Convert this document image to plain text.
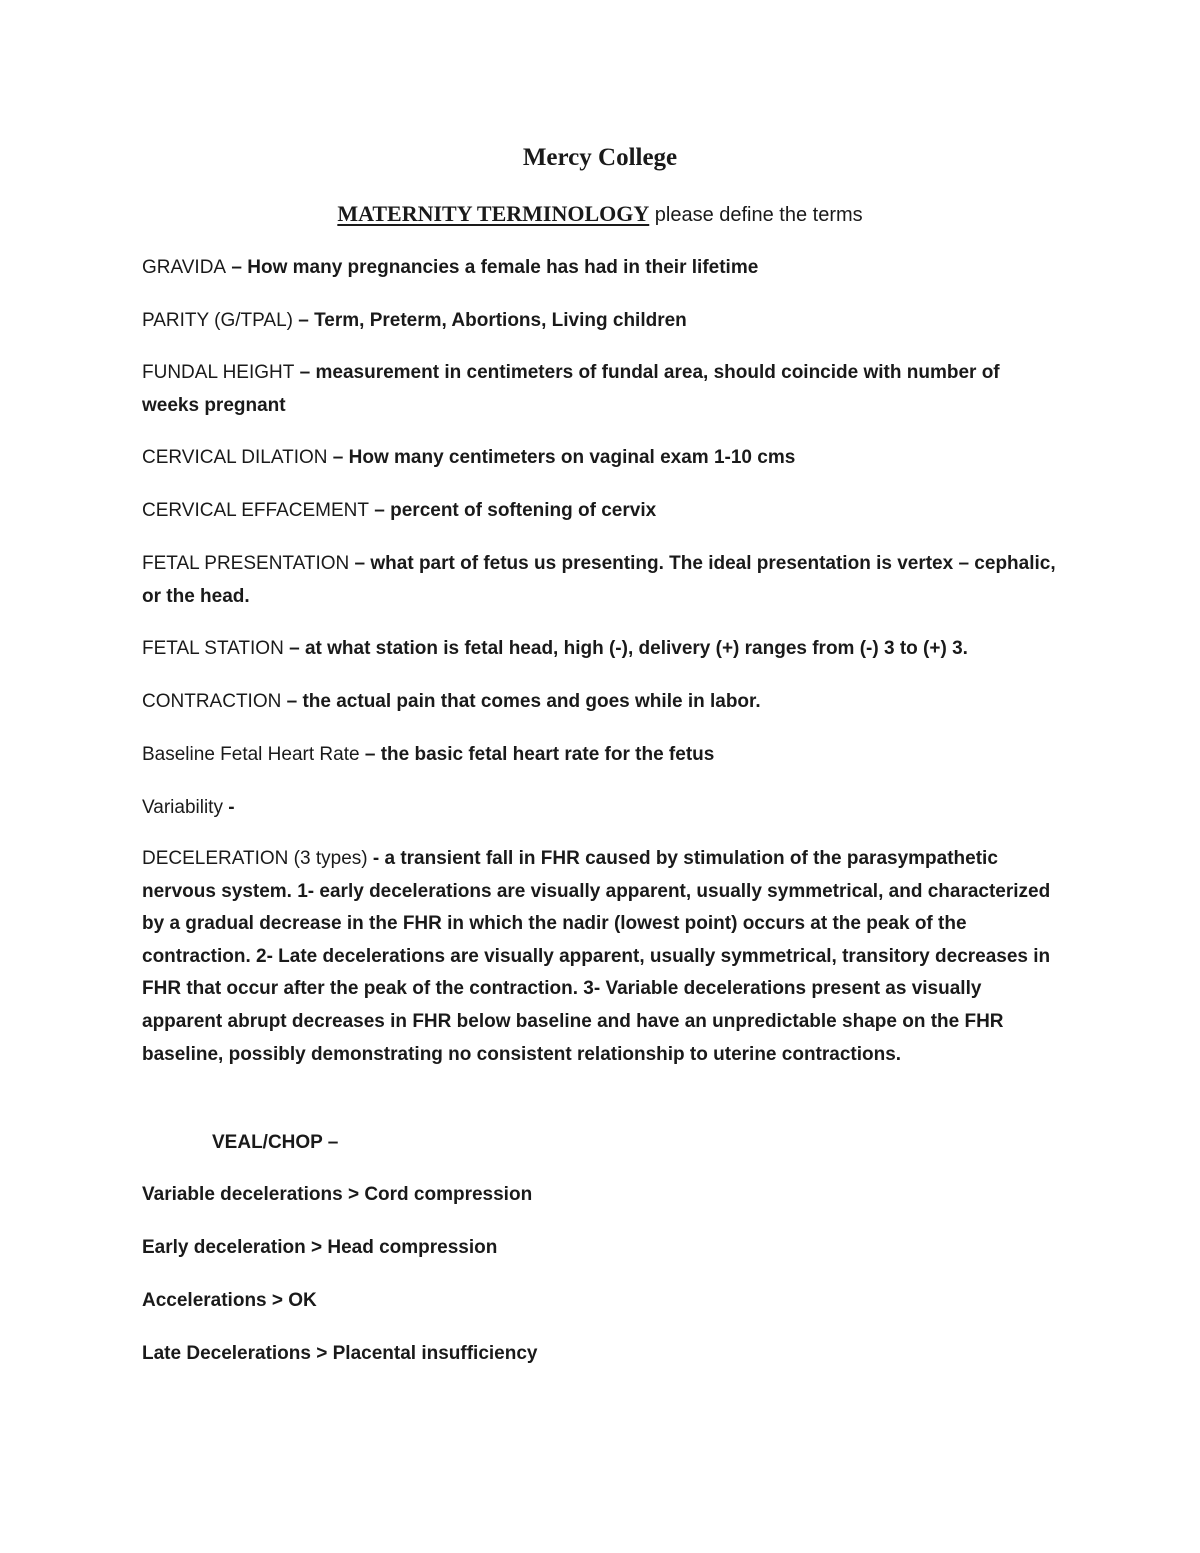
Mercy College
MATERNITY TERMINOLOGY please define the terms

GRAVIDA – How many pregnancies a female has had in their lifetime

PARITY (G/TPAL) – Term, Preterm, Abortions, Living children

FUNDAL HEIGHT – measurement in centimeters of fundal area, should coincide with number of weeks pregnant

CERVICAL DILATION – How many centimeters on vaginal exam 1-10 cms

CERVICAL EFFACEMENT – percent of softening of cervix

FETAL PRESENTATION – what part of fetus us presenting. The ideal presentation is vertex – cephalic, or the head.

FETAL STATION – at what station is fetal head, high (-), delivery (+) ranges from (-) 3 to (+) 3.

CONTRACTION – the actual pain that comes and goes while in labor.

Baseline Fetal Heart Rate – the basic fetal heart rate for the fetus

Variability -

DECELERATION (3 types) - a transient fall in FHR caused by stimulation of the parasympathetic nervous system. 1- early decelerations are visually apparent, usually symmetrical, and characterized by a gradual decrease in the FHR in which the nadir (lowest point) occurs at the peak of the contraction. 2- Late decelerations are visually apparent, usually symmetrical, transitory decreases in FHR that occur after the peak of the contraction. 3- Variable decelerations present as visually apparent abrupt decreases in FHR below baseline and have an unpredictable shape on the FHR baseline, possibly demonstrating no consistent relationship to uterine contractions.

VEAL/CHOP –

Variable decelerations > Cord compression

Early deceleration > Head compression

Accelerations > OK

Late Decelerations > Placental insufficiency
